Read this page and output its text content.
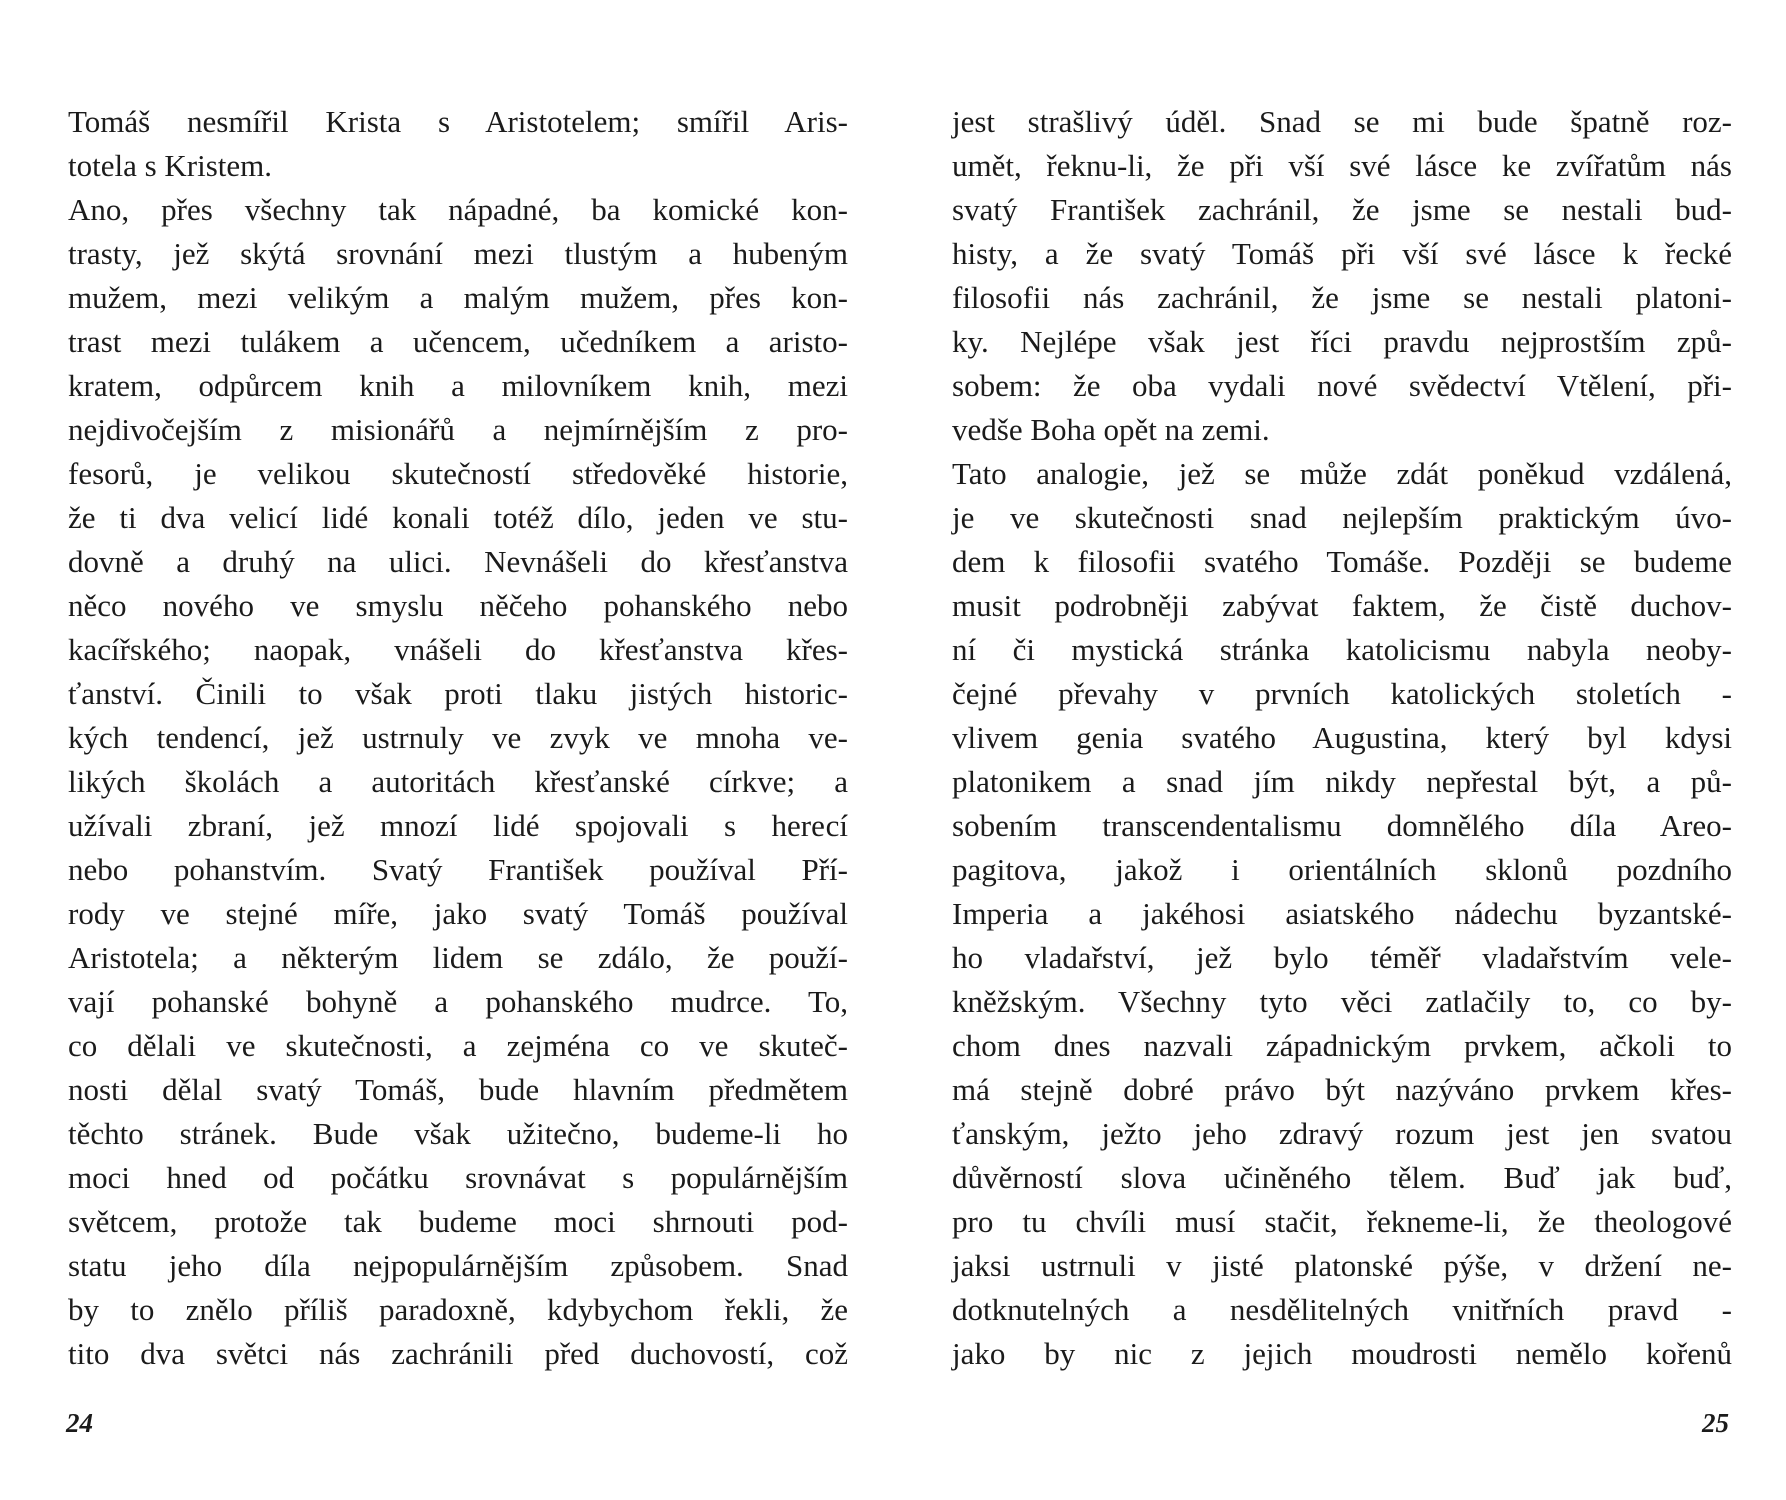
Tomáš nesmířil Krista s Aristotelem; smířil Aris-
totela s Kristem.
Ano, přes všechny tak nápadné, ba komické kon-
trasty, jež skýtá srovnání mezi tlustým a hubeným
mužem, mezi velikým a malým mužem, přes kon-
trast mezi tulákem a učencem, učedníkem a aristo-
kratem, odpůrcem knih a milovníkem knih, mezi
nejdivočejším z misionářů a nejmírnějším z pro-
fesorů, je velikou skutečností středověké historie,
že ti dva velicí lidé konali totéž dílo, jeden ve stu-
dovně a druhý na ulici. Nevnášeli do křesťanstva
něco nového ve smyslu něčeho pohanského nebo
kacířského; naopak, vnášeli do křesťanstva křes-
ťanství. Činili to však proti tlaku jistých historic-
kých tendencí, jež ustrnuly ve zvyk ve mnoha ve-
likých školách a autoritách křesťanské církve; a
užívali zbraní, jež mnozí lidé spojovali s herесí
nebo pohanstvím. Svatý František používal Pří-
rody ve stejné míře, jako svatý Tomáš používal
Aristotela; a některým lidem se zdálo, že použí-
vají pohanské bohyně a pohanského mudrce. To,
co dělali ve skutečnosti, a zejména co ve skuteč-
nosti dělal svatý Tomáš, bude hlavním předmětem
těchto stránek. Bude však užitečno, budeme-li ho
moci hned od počátku srovnávat s populárnějším
světcem, protože tak budeme moci shrnouti pod-
statu jeho díla nejpopulárnějším způsobem. Snad
by to znělo příliš paradoxně, kdybychom řekli, že
tito dva světci nás zachránili před duchovostí, což
jest strašlivý úděl. Snad se mi bude špatně roz-
umět, řeknu-li, že při vší své lásce ke zvířatům nás
svatý František zachránil, že jsme se nestali bud-
histy, a že svatý Tomáš při vší své lásce k řecké
filosofii nás zachránil, že jsme se nestali platoni-
ky. Nejlépe však jest říci pravdu nejprostším způ-
sobem: že oba vydali nové svědectví Vtělení, při-
vedše Boha opět na zemi.
Tato analogie, jež se může zdát poněkud vzdálená,
je ve skutečnosti snad nejlepším praktickým úvo-
dem k filosofii svatého Tomáše. Později se budeme
musit podrobněji zabývat faktem, že čistě duchov-
ní či mystická stránka katolicismu nabyla neoby-
čejné převahy v prvních katolických stoletích -
vlivem genia svatého Augustina, který byl kdysi
platonikem a snad jím nikdy nepřestal být, a pů-
sobením transcendentalismu domnělého díla Areo-
pagitova, jakož i orientálních sklonů pozdního
Imperia a jakéhosi asiatského nádechu byzantské-
ho vladařství, jež bylo téměř vladařstvím vele-
kněžským. Všechny tyto věci zatlačily to, co by-
chom dnes nazvali západnickým prvkem, ačkoli to
má stejně dobré právo být nazýváno prvkem křes-
ťanským, ježto jeho zdravý rozum jest jen svatou
důvěrností slova učiněného tělem. Buď jak buď,
pro tu chvíli musí stačit, řekneme-li, že theologové
jaksi ustrnuli v jisté platonské pýše, v držení ne-
dotknutelných a nesdělitelných vnitřních pravd -
jako by nic z jejich moudrosti nemělo kořenů
24	25
